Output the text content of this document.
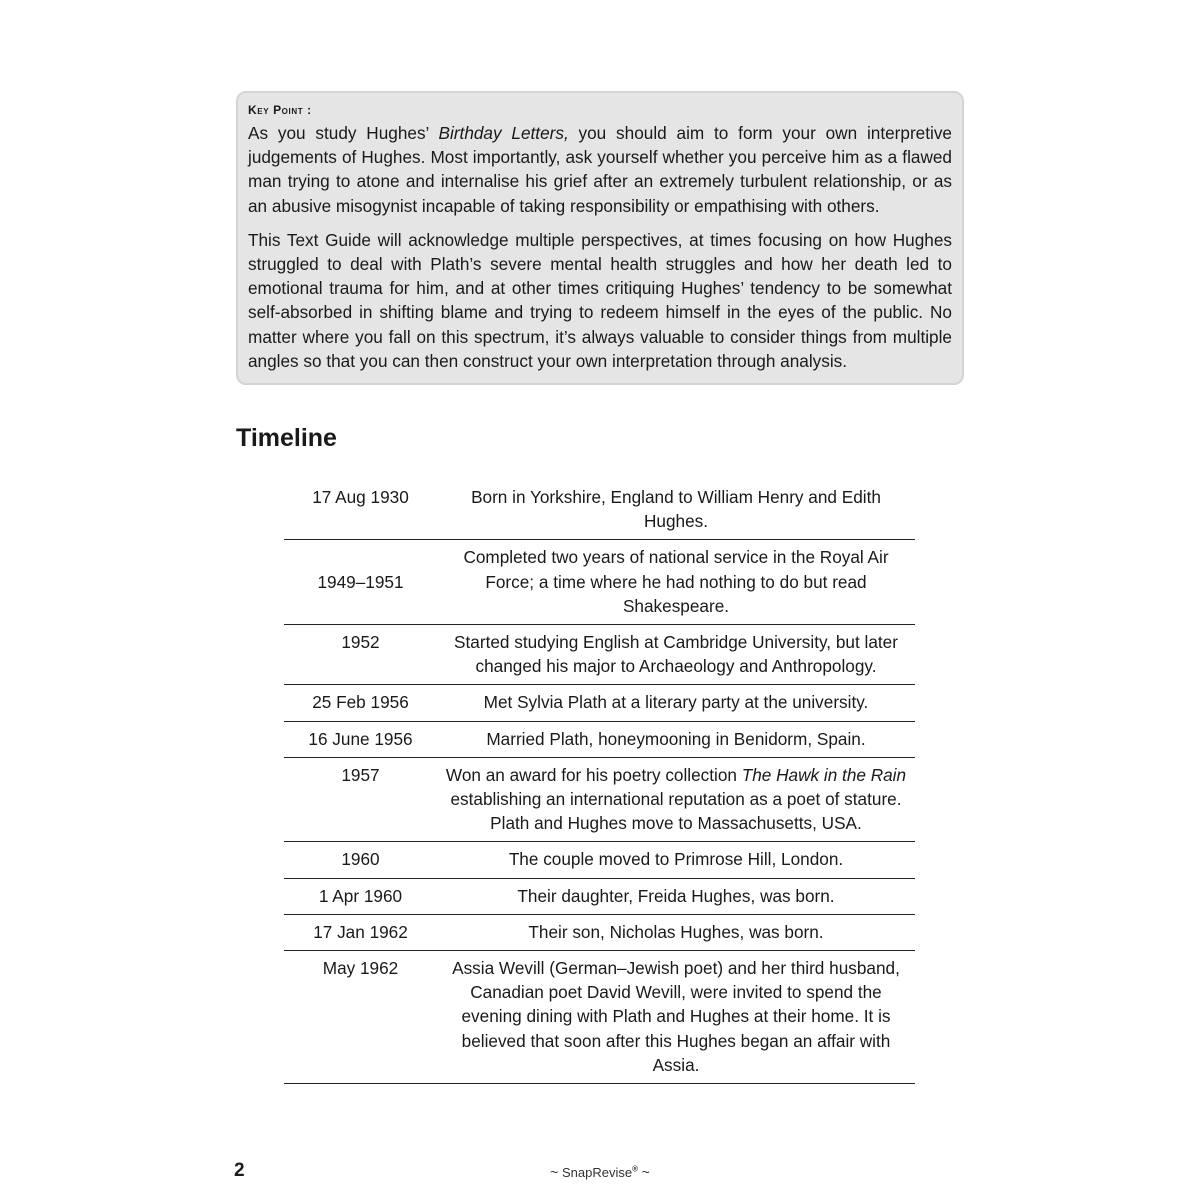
Key Point :

As you study Hughes’ Birthday Letters, you should aim to form your own interpretive judgements of Hughes. Most importantly, ask yourself whether you perceive him as a flawed man trying to atone and internalise his grief after an extremely turbulent relationship, or as an abusive misogynist incapable of taking responsibility or empathising with others.

This Text Guide will acknowledge multiple perspectives, at times focusing on how Hughes struggled to deal with Plath’s severe mental health struggles and how her death led to emotional trauma for him, and at other times critiquing Hughes’ tendency to be somewhat self-absorbed in shifting blame and trying to redeem himself in the eyes of the public. No matter where you fall on this spectrum, it’s always valuable to consider things from multiple angles so that you can then construct your own interpretation through analysis.

Timeline
17 Aug 1930	Born in Yorkshire, England to William Henry and Edith Hughes.
1949–1951	Completed two years of national service in the Royal Air Force; a time where he had nothing to do but read Shakespeare.
1952	Started studying English at Cambridge University, but later changed his major to Archaeology and Anthropology.
25 Feb 1956	Met Sylvia Plath at a literary party at the university.
16 June 1956	Married Plath, honeymooning in Benidorm, Spain.
1957	Won an award for his poetry collection The Hawk in the Rain establishing an international reputation as a poet of stature. Plath and Hughes move to Massachusetts, USA.
1960	The couple moved to Primrose Hill, London.
1 Apr 1960	Their daughter, Freida Hughes, was born.
17 Jan 1962	Their son, Nicholas Hughes, was born.
May 1962	Assia Wevill (German–Jewish poet) and her third husband, Canadian poet David Wevill, were invited to spend the evening dining with Plath and Hughes at their home. It is believed that soon after this Hughes began an affair with Assia.
2	~ SnapRevise® ~
